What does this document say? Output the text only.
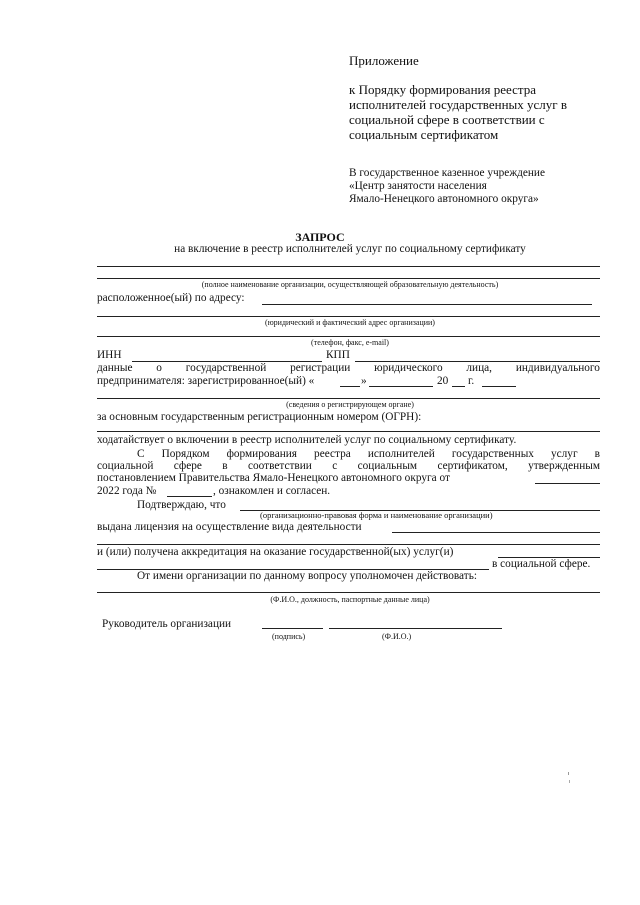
Приложение
к Порядку формирования реестра
исполнителей государственных услуг в
социальной сфере в соответствии с
социальным сертификатом
В государственное казенное учреждение
«Центр занятости населения
Ямало-Ненецкого автономного округа»
ЗАПРОС
на включение в реестр исполнителей услуг по социальному сертификату
(полное наименование организации, осуществляющей образовательную деятельность)
расположенное(ый) по адресу:
(юридический и фактический адрес организации)
(телефон, факс, e-mail)
ИНН	КПП
данные о государственной регистрации юридического лица, индивидуального
предпринимателя: зарегистрированное(ый) «	»	20 г.
(сведения о регистрирующем органе)
за основным государственным регистрационным номером (ОГРН):
ходатайствует о включении в реестр исполнителей услуг по социальному сертификату.
С Порядком формирования реестра исполнителей государственных услуг в
социальной сфере в соответствии с социальным сертификатом, утвержденным
постановлением Правительства Ямало-Ненецкого автономного округа от
2022 года №	, ознакомлен и согласен.
Подтверждаю, что
(организационно-правовая форма и наименование организации)
выдана лицензия на осуществление вида деятельности
и (или) получена аккредитация на оказание государственной(ых) услуг(и)
в социальной сфере.
От имени организации по данному вопросу уполномочен действовать:
(Ф.И.О., должность, паспортные данные лица)
Руководитель организации
(подпись)	(Ф.И.О.)
